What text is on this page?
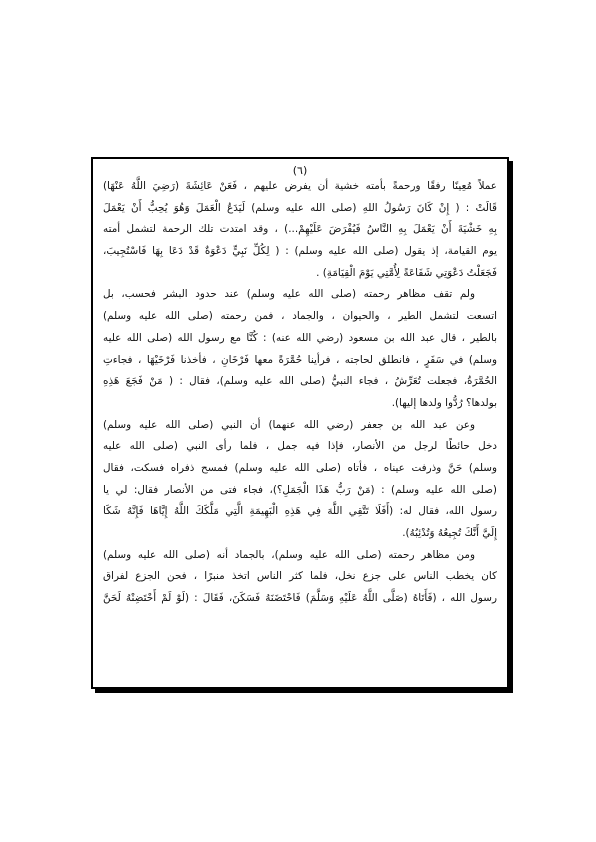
(٦)
عملاً مُعِينًا رفقًا ورحمةً بأمته خشية أن يفرض عليهم ، فَعَنْ عَائِشَةَ (رَضِيَ اللَّهُ عَنْهَا)
قَالَتْ : ( إِنْ كَانَ رَسُولُ اللهِ (صلى الله عليه وسلم) لَيَدَعُ الْعَمَلَ وَهُوَ يُحِبُّ أَنْ يَعْمَلَ
بِهِ خَشْيَةَ أَنْ يَعْمَلَ بِهِ النَّاسُ فَيُفْرَضَ عَلَيْهِمْ...) ، وقد امتدت تلك الرحمة لتشمل أمته
يوم القيامة، إذ يقول (صلى الله عليه وسلم) : ( لِكُلِّ نَبِيٍّ دَعْوَةٌ قَدْ دَعَا بِهَا فَاسْتُجِيبَ،
فَجَعَلْتُ دَعْوَتِي شَفَاعَةً لِأُمَّتِي يَوْمَ الْقِيَامَةِ) .
ولم تقف مظاهر رحمته (صلى الله عليه وسلم) عند حدود البشر فحسب، بل
اتسعت لتشمل الطير ، والحيوان ، والجماد ، فمن رحمته (صلى الله عليه وسلم)
بالطير ، قال عبد الله بن مسعود (رضي الله عنه) : كُنَّا مع رسول الله (صلى الله عليه
وسلم) في سَفَرٍ ، فانطلق لحاجته ، فرأينا حُمَّرَةً معها فَرْخَانِ ، فأخذنا فَرْخَيْهَا ، فجاءتِ
الحُمَّرَةُ، فجعلت تُعَرِّشُ ، فجاء النبيُّ (صلى الله عليه وسلم)، فقال : ( مَنْ فَجَعَ هَذِهِ
بولدها؟ رُدُّوا ولدها إليها).
وعن عبد الله بن جعفر (رضي الله عنهما) أن النبي (صلى الله عليه وسلم)
دخل حائطًا لرجل من الأنصار، فإذا فيه جمل ، فلما رأى النبي (صلى الله عليه
وسلم) حَنَّ وذرفت عيناه ، فأتاه (صلى الله عليه وسلم) فمسح ذفراه فسكت، فقال
(صلى الله عليه وسلم) : (مَنْ رَبُّ هَذَا الْجَمَلِ؟)، فجاء فتى من الأنصار فقال: لي يا
رسول الله، فقال له: (أَفَلَا تَتَّقِي اللَّهَ فِي هَذِهِ الْبَهِيمَةِ الَّتِي مَلَّكَكَ اللَّهُ إِيَّاهَا فَإِنَّهُ شَكَا
إِلَيَّ أَنَّكَ تُجِيعُهُ وَتُدْئِبُهُ).
ومن مظاهر رحمته (صلى الله عليه وسلم)، بالجماد أنه (صلى الله عليه وسلم)
كان يخطب الناس على جزع نخل، فلما كثر الناس اتخذ منبرًا ، فحن الجزع لفراق
رسول الله ، (فَأَتَاهُ (صَلَّى اللَّهُ عَلَيْهِ وَسَلَّمَ) فَاحْتَضَنَهُ فَسَكَنَ، فَقَالَ : (لَوْ لَمْ أَحْتَضِنْهُ لَحَنَّ
